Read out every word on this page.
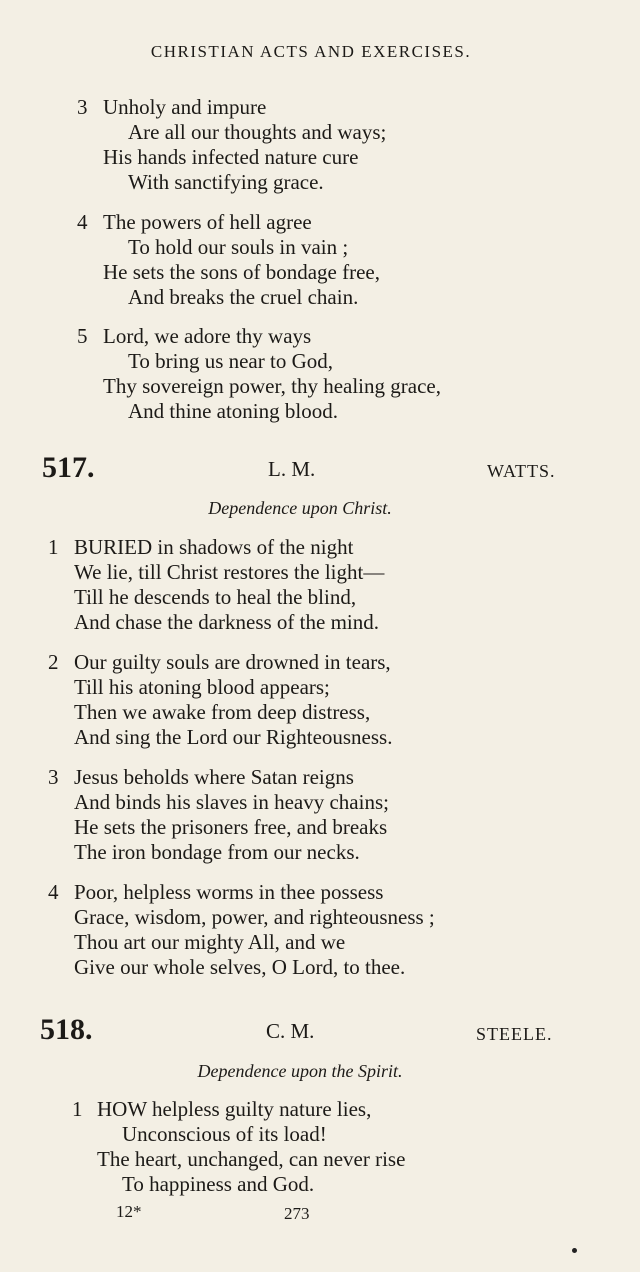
CHRISTIAN ACTS AND EXERCISES.
3 Unholy and impure
Are all our thoughts and ways;
His hands infected nature cure
With sanctifying grace.
4 The powers of hell agree
To hold our souls in vain ;
He sets the sons of bondage free,
And breaks the cruel chain.
5 Lord, we adore thy ways
To bring us near to God,
Thy sovereign power, thy healing grace,
And thine atoning blood.
517.	L. M.	WATTS.
Dependence upon Christ.
1 BURIED in shadows of the night
We lie, till Christ restores the light—
Till he descends to heal the blind,
And chase the darkness of the mind.
2 Our guilty souls are drowned in tears,
Till his atoning blood appears;
Then we awake from deep distress,
And sing the Lord our Righteousness.
3 Jesus beholds where Satan reigns
And binds his slaves in heavy chains;
He sets the prisoners free, and breaks
The iron bondage from our necks.
4 Poor, helpless worms in thee possess
Grace, wisdom, power, and righteousness ;
Thou art our mighty All, and we
Give our whole selves, O Lord, to thee.
518.	C. M.	STEELE.
Dependence upon the Spirit.
1 HOW helpless guilty nature lies,
Unconscious of its load!
The heart, unchanged, can never rise
To happiness and God.
12*	273
